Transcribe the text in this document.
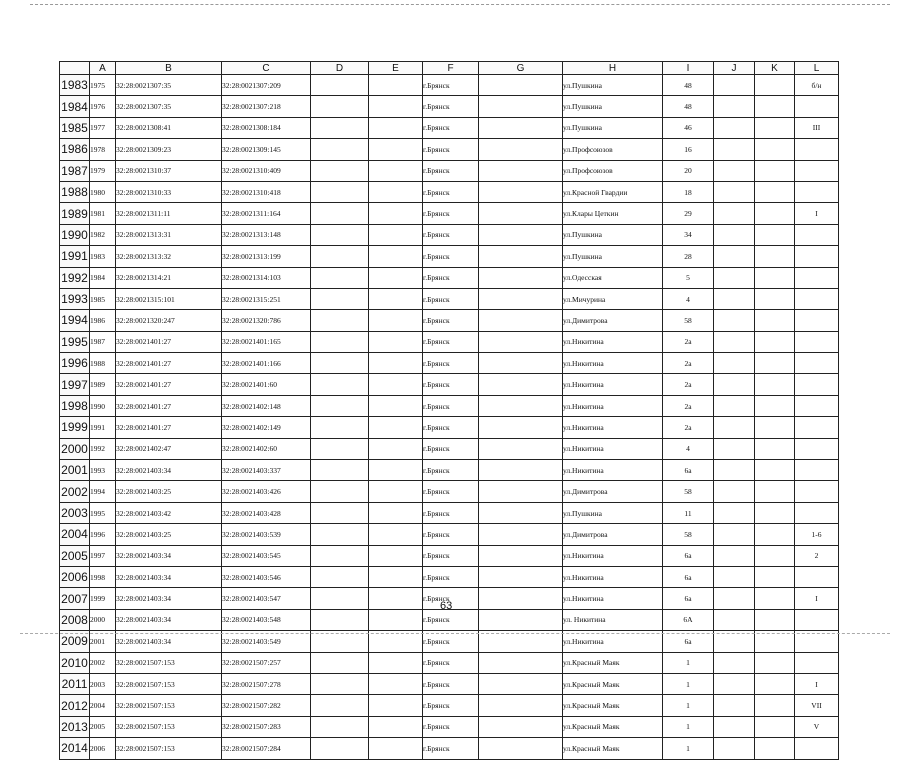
	A	B	C	D	E	F	G	H	I	J	K	L
1983	1975	32:28:0021307:35	32:28:0021307:209			г.Брянск		ул.Пушкина	48			б/н
1984	1976	32:28:0021307:35	32:28:0021307:218			г.Брянск		ул.Пушкина	48			
1985	1977	32:28:0021308:41	32:28:0021308:184			г.Брянск		ул.Пушкина	46			III
1986	1978	32:28:0021309:23	32:28:0021309:145			г.Брянск		ул.Профсоюзов	16			
1987	1979	32:28:0021310:37	32:28:0021310:409			г.Брянск		ул.Профсоюзов	20			
1988	1980	32:28:0021310:33	32:28:0021310:418			г.Брянск		ул.Красной Гвардии	18			
1989	1981	32:28:0021311:11	32:28:0021311:164			г.Брянск		ул.Клары Цеткин	29			I
1990	1982	32:28:0021313:31	32:28:0021313:148			г.Брянск		ул.Пушкина	34			
1991	1983	32:28:0021313:32	32:28:0021313:199			г.Брянск		ул.Пушкина	28			
1992	1984	32:28:0021314:21	32:28:0021314:103			г.Брянск		ул.Одесская	5			
1993	1985	32:28:0021315:101	32:28:0021315:251			г.Брянск		ул.Мичурина	4			
1994	1986	32:28:0021320:247	32:28:0021320:786			г.Брянск		ул.Димитрова	58			
1995	1987	32:28:0021401:27	32:28:0021401:165			г.Брянск		ул.Никитина	2а			
1996	1988	32:28:0021401:27	32:28:0021401:166			г.Брянск		ул.Никитина	2а			
1997	1989	32:28:0021401:27	32:28:0021401:60			г.Брянск		ул.Никитина	2а			
1998	1990	32:28:0021401:27	32:28:0021402:148			г.Брянск		ул.Никитина	2а			
1999	1991	32:28:0021401:27	32:28:0021402:149			г.Брянск		ул.Никитина	2а			
2000	1992	32:28:0021402:47	32:28:0021402:60			г.Брянск		ул.Никитина	4			
2001	1993	32:28:0021403:34	32:28:0021403:337			г.Брянск		ул.Никитина	6а			
2002	1994	32:28:0021403:25	32:28:0021403:426			г.Брянск		ул.Димитрова	58			
2003	1995	32:28:0021403:42	32:28:0021403:428			г.Брянск		ул.Пушкина	11			
2004	1996	32:28:0021403:25	32:28:0021403:539			г.Брянск		ул.Димитрова	58			1-6
2005	1997	32:28:0021403:34	32:28:0021403:545			г.Брянск		ул.Никитина	6а			2
2006	1998	32:28:0021403:34	32:28:0021403:546			г.Брянск		ул.Никитина	6а			
2007	1999	32:28:0021403:34	32:28:0021403:547			г.Брянск		ул.Никитина	6а			I
2008	2000	32:28:0021403:34	32:28:0021403:548			г.Брянск		ул. Никитина	6А			
2009	2001	32:28:0021403:34	32:28:0021403:549			г.Брянск		ул.Никитина	6а			
2010	2002	32:28:0021507:153	32:28:0021507:257			г.Брянск		ул.Красный Маяк	1			
2011	2003	32:28:0021507:153	32:28:0021507:278			г.Брянск		ул.Красный Маяк	1			I
2012	2004	32:28:0021507:153	32:28:0021507:282			г.Брянск		ул.Красный Маяк	1			VII
2013	2005	32:28:0021507:153	32:28:0021507:283			г.Брянск		ул.Красный Маяк	1			V
2014	2006	32:28:0021507:153	32:28:0021507:284			г.Брянск		ул.Красный Маяк	1			
63
